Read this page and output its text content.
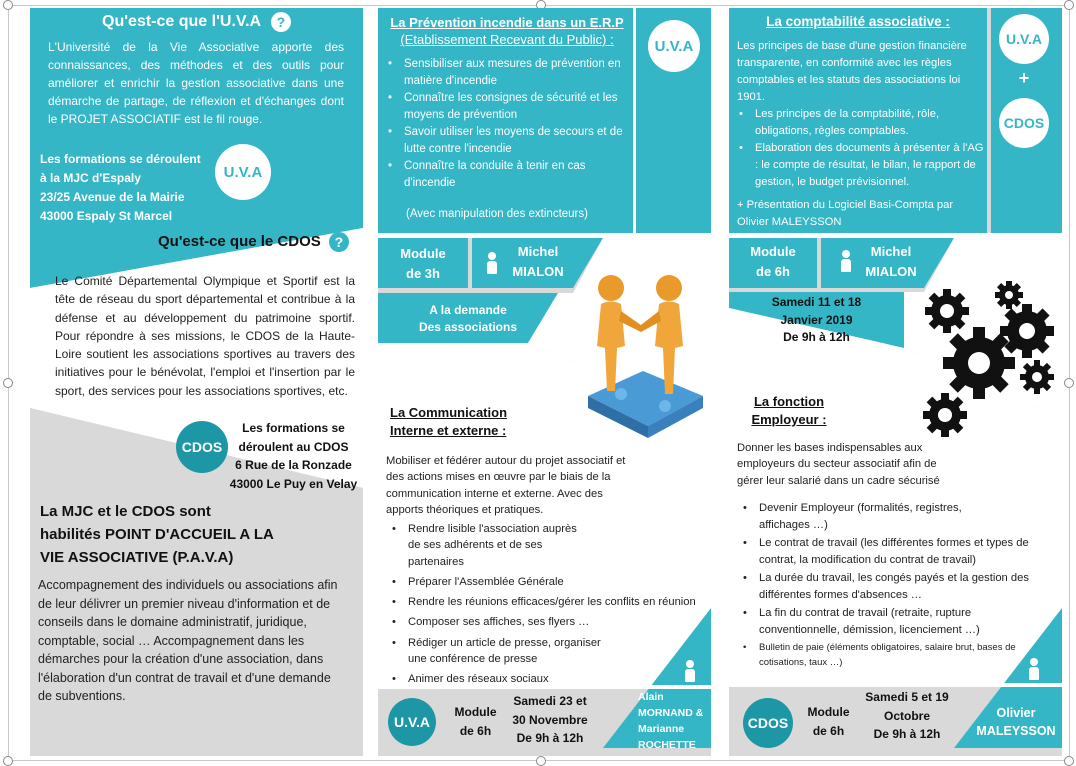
Qu'est-ce que l'U.V.A ?
L'Université de la Vie Associative apporte des connaissances, des méthodes et des outils pour améliorer et enrichir la gestion associative dans une démarche de partage, de réflexion et d'échanges dont le PROJET ASSOCIATIF est le fil rouge.
Les formations se déroulent
à la MJC d'Espaly
23/25 Avenue de la Mairie
43000 Espaly St Marcel
U.V.A
Qu'est-ce que le CDOS ?
Le Comité Départemental Olympique et Sportif est la tête de réseau du sport départemental et contribue à la défense et au développement du patrimoine sportif. Pour répondre à ses missions, le CDOS de la Haute-Loire soutient les associations sportives au travers des initiatives pour le bénévolat, l'emploi et l'insertion par le sport, des services pour les associations sportives, etc.
CDOS
Les formations se
déroulent au CDOS
6 Rue de la Ronzade
43000 Le Puy en Velay
La MJC et le CDOS sont
habilités POINT D'ACCUEIL A LA
VIE ASSOCIATIVE (P.A.V.A)
Accompagnement des individuels ou associations afin de leur délivrer un premier niveau d'information et de conseils dans le domaine administratif, juridique, comptable, social … Accompagnement dans les démarches pour la création d'une association, dans l'élaboration d'un contrat de travail et d'une demande de subventions.
La Prévention incendie dans un E.R.P
(Etablissement Recevant du Public) :	U.V.A
• Sensibiliser aux mesures de prévention en matière d'incendie
• Connaître les consignes de sécurité et les moyens de prévention
• Savoir utiliser les moyens de secours et de lutte contre l'incendie
• Connaître la conduite à tenir en cas d'incendie
(Avec manipulation des extincteurs)
Module
de 3h
Michel
MIALON
A la demande
Des associations
La Communication
Interne et externe :
Mobiliser et fédérer autour du projet associatif et des actions mises en œuvre par le biais de la communication interne et externe. Avec des apports théoriques et pratiques.
• Rendre lisible l'association auprès de ses adhérents et de ses partenaires
• Préparer l'Assemblée Générale
• Rendre les réunions efficaces/gérer les conflits en réunion
• Composer ses affiches, ses flyers …
• Rédiger un article de presse, organiser une conférence de presse
• Animer des réseaux sociaux
U.V.A
Module
de 6h
Samedi 23 et
30 Novembre
De 9h à 12h
Alain
MORNAND &
Marianne
ROCHETTE
La comptabilité associative :
Les principes de base d'une gestion financière transparente, en conformité avec les règles comptables et les statuts des associations loi 1901.
• Les principes de la comptabilité, rôle, obligations, règles comptables.
• Elaboration des documents à présenter à l'AG : le compte de résultat, le bilan, le rapport de gestion, le budget prévisionnel.
+ Présentation du Logiciel Basi-Compta par Olivier MALEYSSON
U.V.A
+
CDOS
Module
de 6h
Michel
MIALON
Samedi 11 et 18
Janvier 2019
De 9h à 12h
La fonction
Employeur :
Donner les bases indispensables aux employeurs du secteur associatif afin de gérer leur salarié dans un cadre sécurisé
• Devenir Employeur (formalités, registres, affichages …)
• Le contrat de travail (les différentes formes et types de contrat, la modification du contrat de travail)
• La durée du travail, les congés payés et la gestion des différentes formes d'absences …
• La fin du contrat de travail (retraite, rupture conventionnelle, démission, licenciement …)
• Bulletin de paie (éléments obligatoires, salaire brut, bases de cotisations, taux …)
CDOS
Module
de 6h
Samedi 5 et 19
Octobre
De 9h à 12h
Olivier
MALEYSSON
